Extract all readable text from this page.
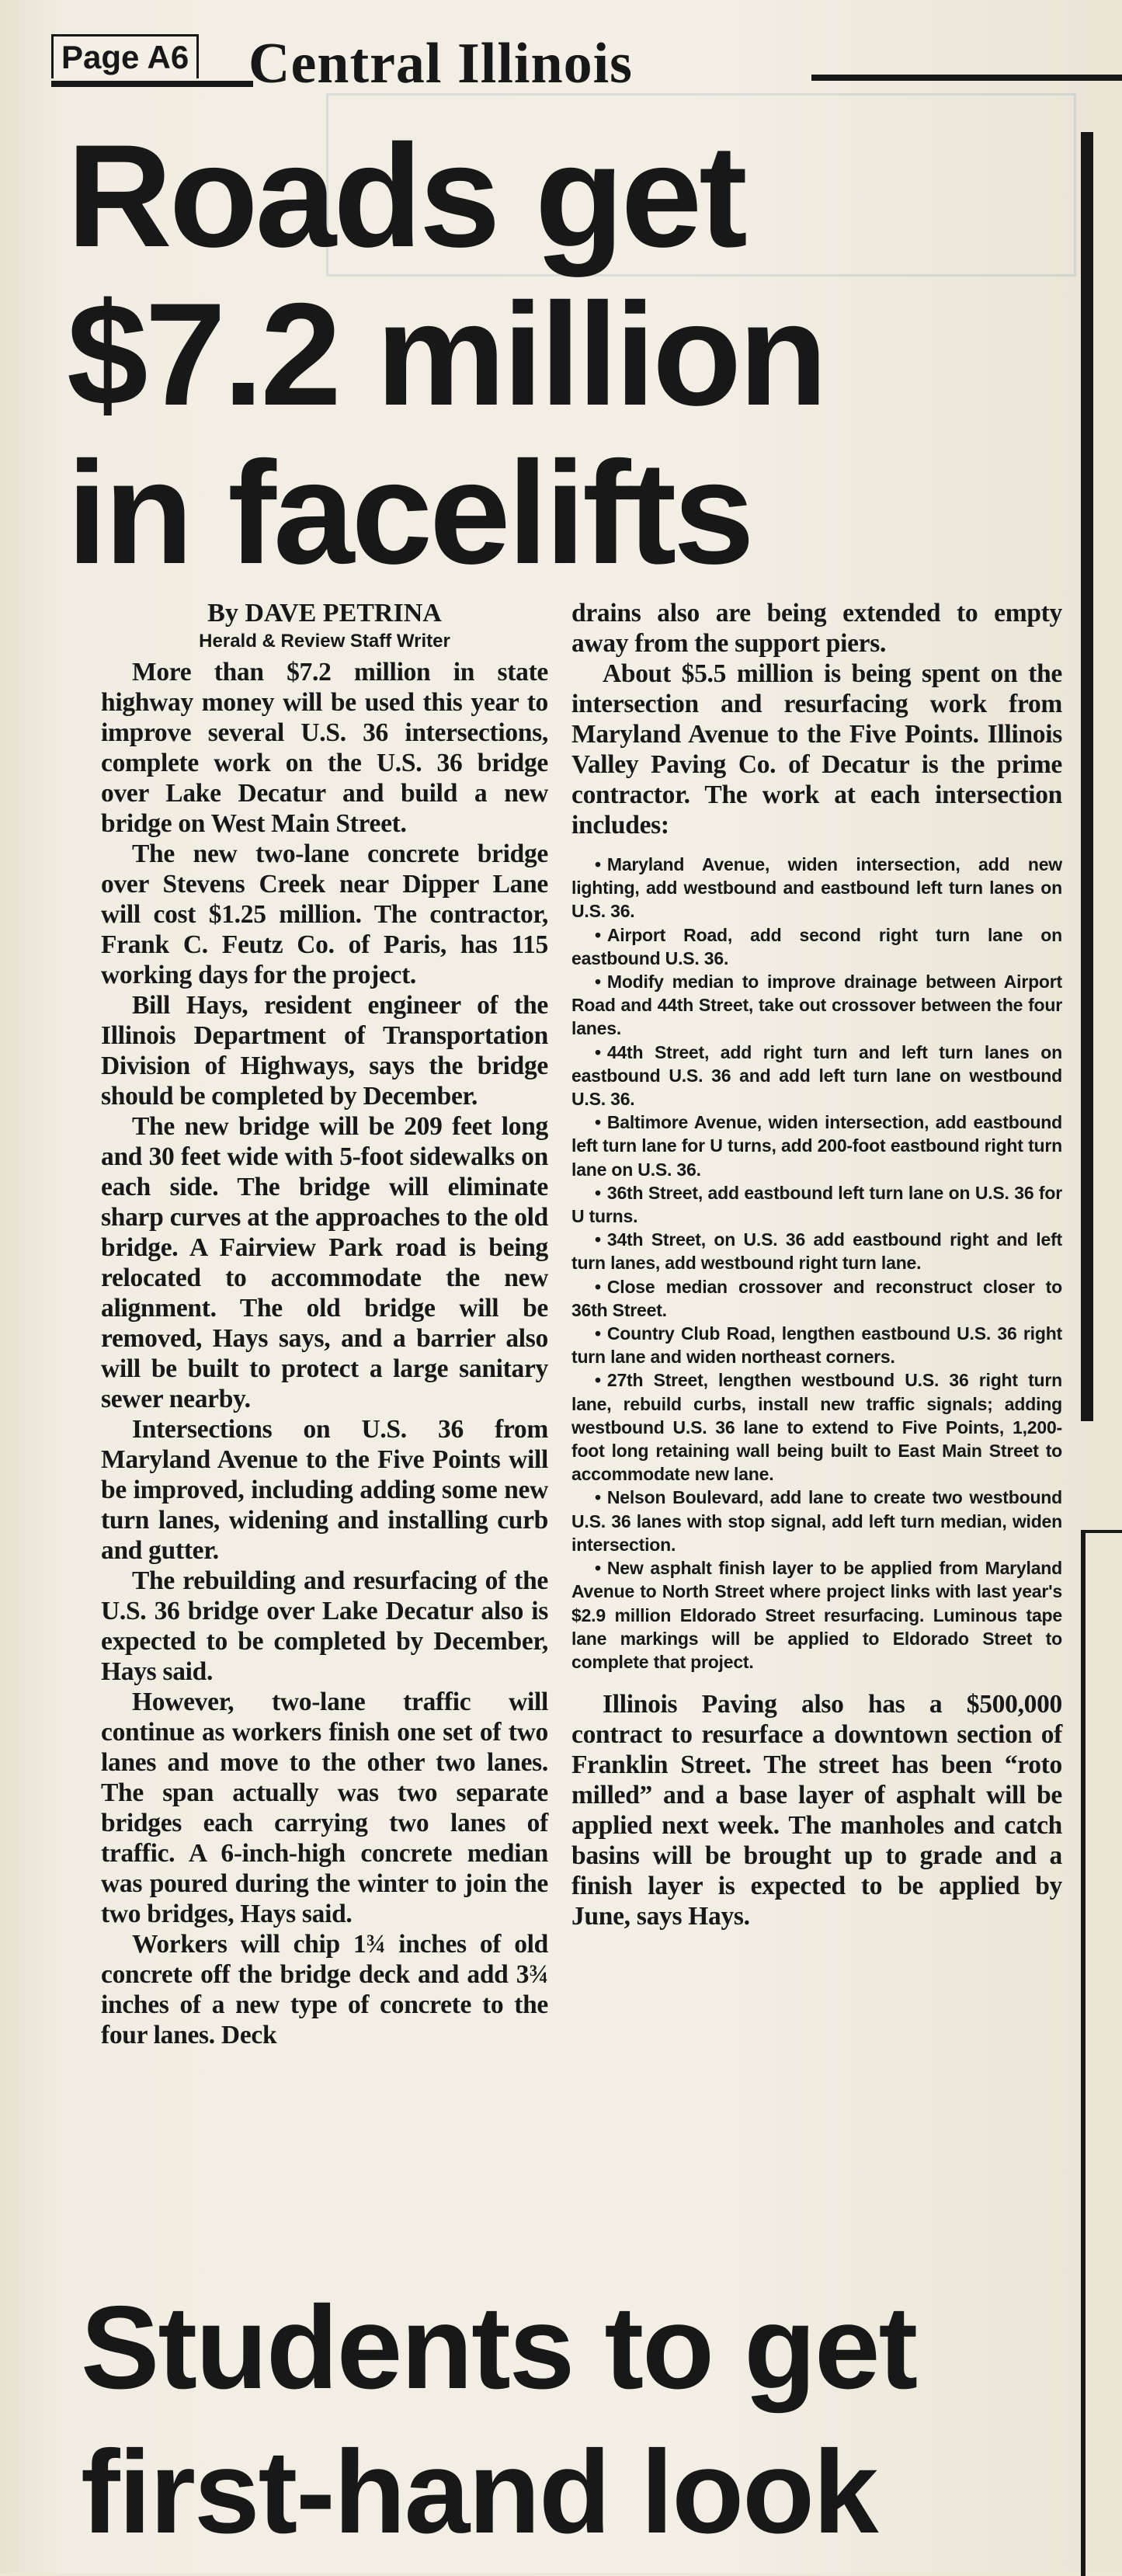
Page A6 Central Illinois
Roads get
$7.2 million
in facelifts

By DAVE PETRINA

Herald & Review Staff Writer

More than $7.2 million in state highway money will be used this year to improve several U.S. 36 intersections, complete work on the U.S. 36 bridge over Lake Decatur and build a new bridge on West Main Street.

The new two-lane concrete bridge over Stevens Creek near Dipper Lane will cost $1.25 million. The contractor, Frank C. Feutz Co. of Paris, has 115 working days for the project.

Bill Hays, resident engineer of the Illinois Department of Transportation Division of Highways, says the bridge should be completed by December.

The new bridge will be 209 feet long and 30 feet wide with 5-foot sidewalks on each side. The bridge will eliminate sharp curves at the approaches to the old bridge. A Fairview Park road is being relocated to accommodate the new alignment. The old bridge will be removed, Hays says, and a barrier also will be built to protect a large sanitary sewer nearby.

Intersections on U.S. 36 from Maryland Avenue to the Five Points will be improved, including adding some new turn lanes, widening and installing curb and gutter.

The rebuilding and resurfacing of the U.S. 36 bridge over Lake Decatur also is expected to be completed by December, Hays said.

However, two-lane traffic will continue as workers finish one set of two lanes and move to the other two lanes. The span actually was two separate bridges each carrying two lanes of traffic. A 6-inch-high concrete median was poured during the winter to join the two bridges, Hays said.

Workers will chip 1¾ inches of old concrete off the bridge deck and add 3¾ inches of a new type of concrete to the four lanes. Deck

drains also are being extended to empty away from the support piers.

About $5.5 million is being spent on the intersection and resurfacing work from Maryland Avenue to the Five Points. Illinois Valley Paving Co. of Decatur is the prime contractor. The work at each intersection includes:

• Maryland Avenue, widen intersection, add new lighting, add westbound and eastbound left turn lanes on U.S. 36.

• Airport Road, add second right turn lane on eastbound U.S. 36.

• Modify median to improve drainage between Airport Road and 44th Street, take out crossover between the four lanes.

• 44th Street, add right turn and left turn lanes on eastbound U.S. 36 and add left turn lane on westbound U.S. 36.

• Baltimore Avenue, widen intersection, add eastbound left turn lane for U turns, add 200-foot eastbound right turn lane on U.S. 36.

• 36th Street, add eastbound left turn lane on U.S. 36 for U turns.

• 34th Street, on U.S. 36 add eastbound right and left turn lanes, add westbound right turn lane.

• Close median crossover and reconstruct closer to 36th Street.

• Country Club Road, lengthen eastbound U.S. 36 right turn lane and widen northeast corners.

• 27th Street, lengthen westbound U.S. 36 right turn lane, rebuild curbs, install new traffic signals; adding westbound U.S. 36 lane to extend to Five Points, 1,200-foot long retaining wall being built to East Main Street to accommodate new lane.

• Nelson Boulevard, add lane to create two westbound U.S. 36 lanes with stop signal, add left turn median, widen intersection.

• New asphalt finish layer to be applied from Maryland Avenue to North Street where project links with last year's $2.9 million Eldorado Street resurfacing. Luminous tape lane markings will be applied to Eldorado Street to complete that project.

Illinois Paving also has a $500,000 contract to resurface a downtown section of Franklin Street. The street has been “roto milled” and a base layer of asphalt will be applied next week. The manholes and catch basins will be brought up to grade and a finish layer is expected to be applied by June, says Hays.

Students to get
first-hand look
